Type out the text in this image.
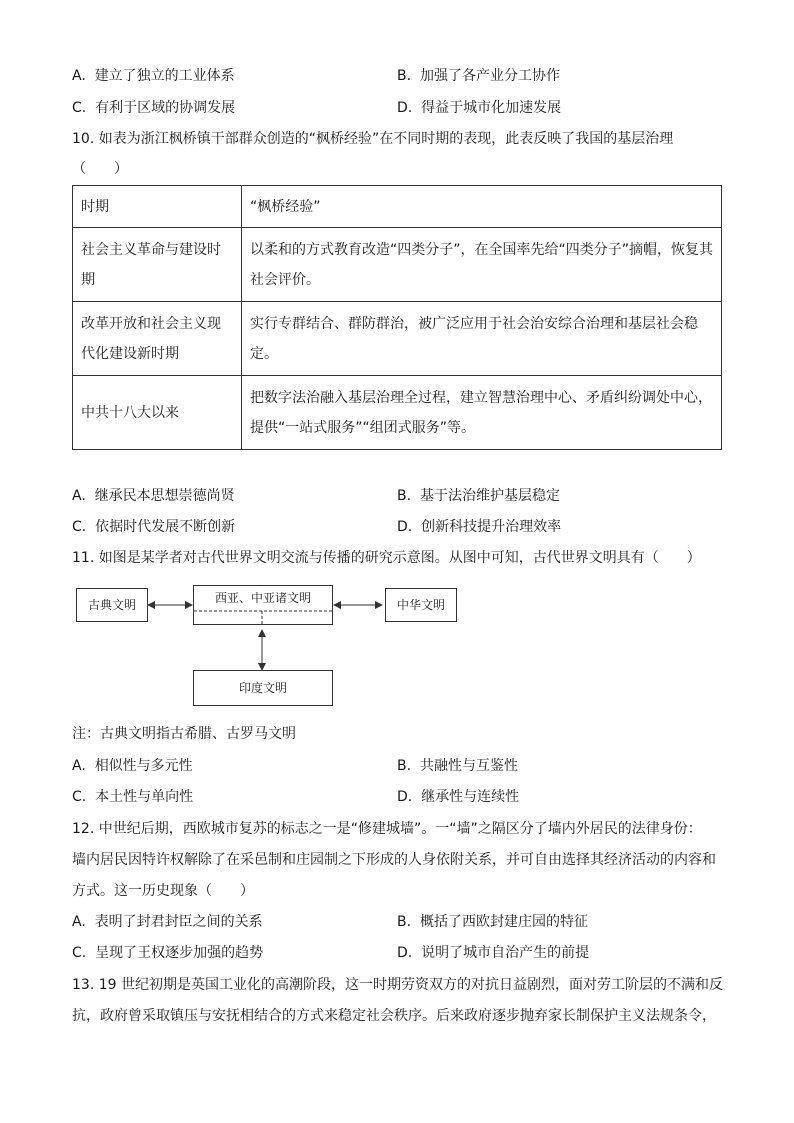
A. 建立了独立的工业体系	B. 加强了各产业分工协作
C. 有利于区域的协调发展	D. 得益于城市化加速发展
10. 如表为浙江枫桥镇干部群众创造的“枫桥经验”在不同时期的表现，此表反映了我国的基层治理
（　　）
时期	“枫桥经验”
社会主义革命与建设时期	以柔和的方式教育改造“四类分子”，在全国率先给“四类分子”摘帽，恢复其社会评价。
改革开放和社会主义现代化建设新时期	实行专群结合、群防群治，被广泛应用于社会治安综合治理和基层社会稳定。
中共十八大以来	把数字法治融入基层治理全过程，建立智慧治理中心、矛盾纠纷调处中心，提供“一站式服务”“组团式服务”等。
A. 继承民本思想崇德尚贤	B. 基于法治维护基层稳定
C. 依据时代发展不断创新	D. 创新科技提升治理效率
11. 如图是某学者对古代世界文明交流与传播的研究示意图。从图中可知，古代世界文明具有（　　）
古典文明	西亚、中亚诸文明	中华文明
印度文明
注：古典文明指古希腊、古罗马文明
A. 相似性与多元性	B. 共融性与互鉴性
C. 本土性与单向性	D. 继承性与连续性
12. 中世纪后期，西欧城市复苏的标志之一是“修建城墙”。一“墙”之隔区分了墙内外居民的法律身份：
墙内居民因特许权解除了在采邑制和庄园制之下形成的人身依附关系，并可自由选择其经济活动的内容和
方式。这一历史现象（　　）
A. 表明了封君封臣之间的关系	B. 概括了西欧封建庄园的特征
C. 呈现了王权逐步加强的趋势	D. 说明了城市自治产生的前提
13. 19 世纪初期是英国工业化的高潮阶段，这一时期劳资双方的对抗日益剧烈，面对劳工阶层的不满和反
抗，政府曾采取镇压与安抚相结合的方式来稳定社会秩序。后来政府逐步抛弃家长制保护主义法规条令，
